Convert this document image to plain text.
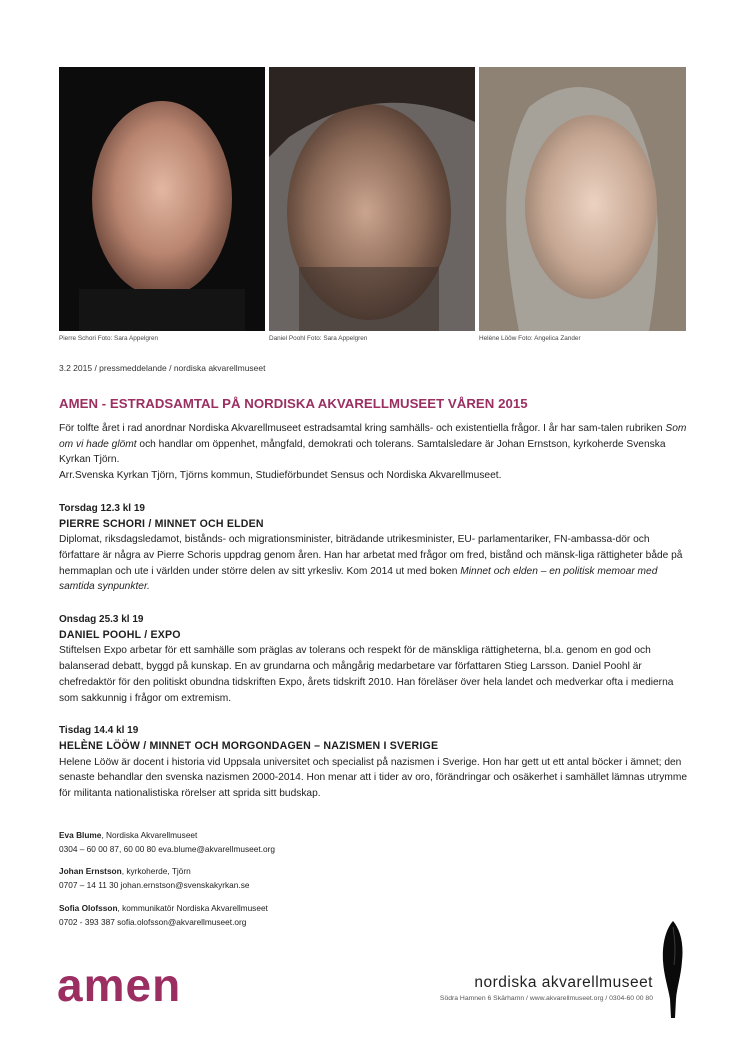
Pierre Schori Foto: Sara Appelgren	Daniel Poohl Foto: Sara Appelgren	Helène Lööw Foto: Angelica Zander
3.2 2015 / pressmeddelande / nordiska akvarellmuseet
AMEN - ESTRADSAMTAL PÅ NORDISKA AKVARELLMUSEET VÅREN 2015

För tolfte året i rad anordnar Nordiska Akvarellmuseet estradsamtal kring samhälls- och existentiella frågor. I år har sam-talen rubriken Som om vi hade glömt och handlar om öppenhet, mångfald, demokrati och tolerans. Samtalsledare är Johan Ernstson, kyrkoherde Svenska Kyrkan Tjörn.

Arr.Svenska Kyrkan Tjörn, Tjörns kommun, Studieförbundet Sensus och Nordiska Akvarellmuseet.

Torsdag 12.3 kl 19

PIERRE SCHORI / MINNET OCH ELDEN

Diplomat, riksdagsledamot, bistånds- och migrationsminister, biträdande utrikesminister, EU- parlamentariker, FN-ambassa-dör och författare är några av Pierre Schoris uppdrag genom åren. Han har arbetat med frågor om fred, bistånd och mänsk-liga rättigheter både på hemmaplan och ute i världen under större delen av sitt yrkesliv. Kom 2014 ut med boken Minnet och elden – en politisk memoar med samtida synpunkter.

Onsdag 25.3 kl 19

DANIEL POOHL / EXPO

Stiftelsen Expo arbetar för ett samhälle som präglas av tolerans och respekt för de mänskliga rättigheterna, bl.a. genom en god och balanserad debatt, byggd på kunskap. En av grundarna och mångårig medarbetare var författaren Stieg Larsson. Daniel Poohl är chefredaktör för den politiskt obundna tidskriften Expo, årets tidskrift 2010. Han föreläser över hela landet och medverkar ofta i medierna som sakkunnig i frågor om extremism.

Tisdag 14.4 kl 19

HELÈNE LÖÖW / MINNET OCH MORGONDAGEN – NAZISMEN I SVERIGE

Helene Lööw är docent i historia vid Uppsala universitet och specialist på nazismen i Sverige. Hon har gett ut ett antal böcker i ämnet; den senaste behandlar den svenska nazismen 2000-2014. Hon menar att i tider av oro, förändringar och osäkerhet i samhället lämnas utrymme för militanta nationalistiska rörelser att sprida sitt budskap.

Eva Blume, Nordiska Akvarellmuseet
0304 – 60 00 87, 60 00 80 eva.blume@akvarellmuseet.org
Johan Ernstson, kyrkoherde, Tjörn
0707 – 14 11 30 johan.ernstson@svenskakyrkan.se
Sofia Olofsson, kommunikatör Nordiska Akvarellmuseet
0702 - 393 387 sofia.olofsson@akvarellmuseet.org
amen	nordiska akvarellmuseet
Södra Hamnen 6 Skärhamn / www.akvarellmuseet.org / 0304-60 00 80
